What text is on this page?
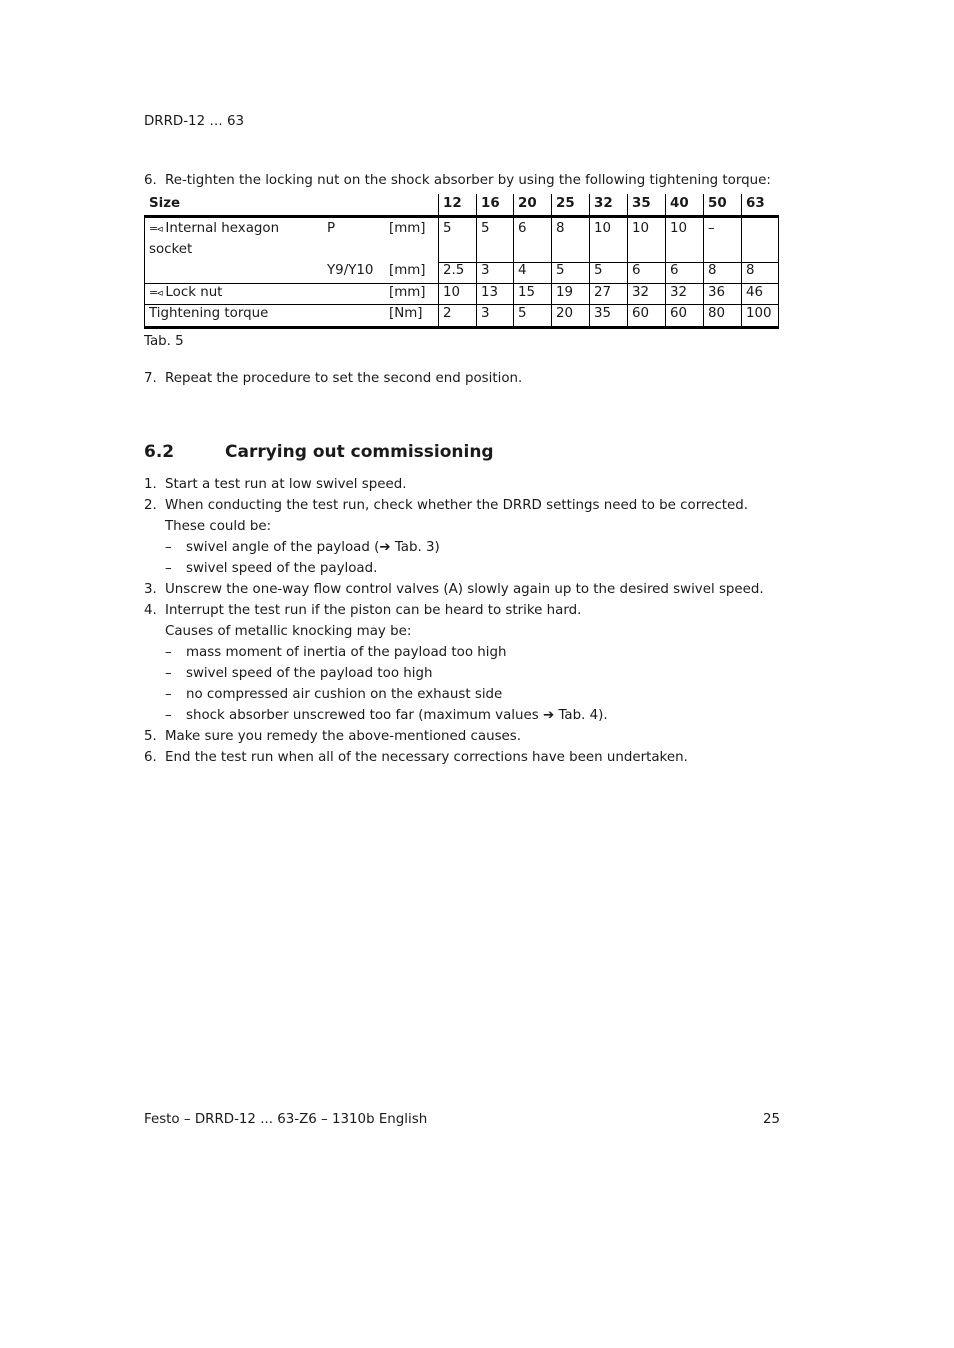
DRRD-12 … 63
6. Re-tighten the locking nut on the shock absorber by using the following tightening torque:
Size	12 16 20 25 32 35 40 50 63
=⪦ Internal hexagon
socket
P	[mm] 5 5 6 8 10 10 10 –
Y9/Y10 [mm] 2.5 3 4 5 5 6 6 8 8
=⪦ Lock nut	[mm] 10 13 15 19 27 32 32 36 46
Tightening torque	[Nm] 2 3 5 20 35 60 60 80 100
Tab. 5
7. Repeat the procedure to set the second end position.
6.2	Carrying out commissioning
1. Start a test run at low swivel speed.
2. When conducting the test run, check whether the DRRD settings need to be corrected.
These could be:
– swivel angle of the payload (➔ Tab. 3)
– swivel speed of the payload.
3. Unscrew the one-way flow control valves (A) slowly again up to the desired swivel speed.
4. Interrupt the test run if the piston can be heard to strike hard.
Causes of metallic knocking may be:
– mass moment of inertia of the payload too high
– swivel speed of the payload too high
– no compressed air cushion on the exhaust side
– shock absorber unscrewed too far (maximum values ➔ Tab. 4).
5. Make sure you remedy the above-mentioned causes.
6. End the test run when all of the necessary corrections have been undertaken.
Festo – DRRD-12 ... 63-Z6 – 1310b English	25
